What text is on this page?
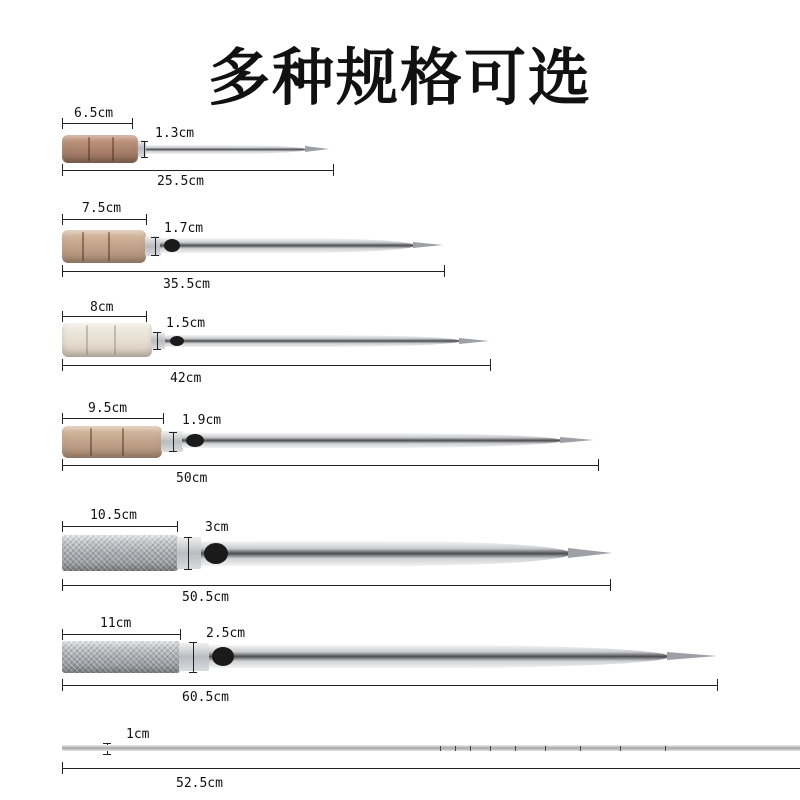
多种规格可选
6.5cm
1.3cm
25.5cm
7.5cm
1.7cm
35.5cm
8cm
1.5cm
42cm
9.5cm
1.9cm
50cm
10.5cm
3cm
50.5cm
11cm
2.5cm
60.5cm
1cm
52.5cm
